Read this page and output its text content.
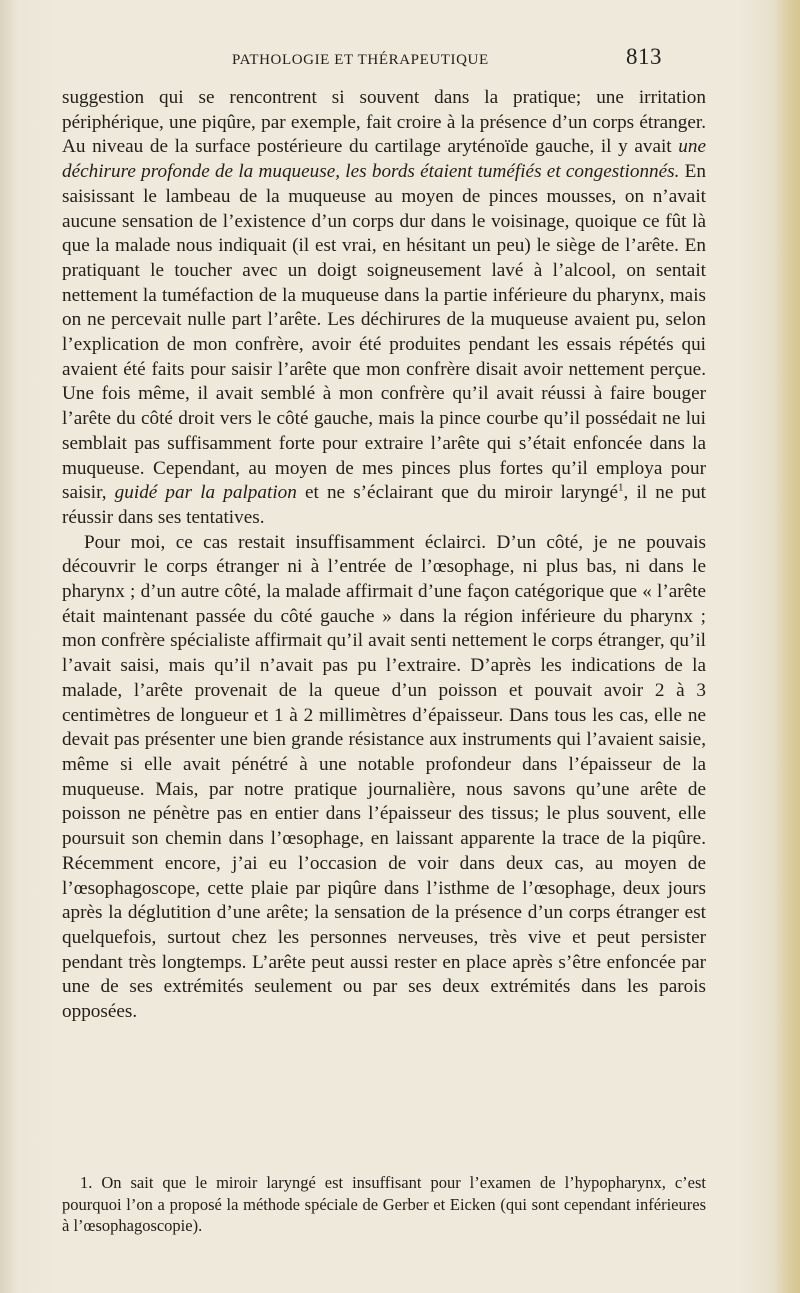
PATHOLOGIE ET THÉRAPEUTIQUE	813

suggestion qui se rencontrent si souvent dans la pratique; une irritation périphérique, une piqûre, par exemple, fait croire à la présence d’un corps étranger. Au niveau de la surface postérieure du cartilage aryténoïde gauche, il y avait une déchirure profonde de la muqueuse, les bords étaient tuméfiés et congestionnés. En saisissant le lambeau de la muqueuse au moyen de pinces mousses, on n’avait aucune sensation de l’existence d’un corps dur dans le voisinage, quoique ce fût là que la malade nous indiquait (il est vrai, en hésitant un peu) le siège de l’arête. En pratiquant le toucher avec un doigt soigneusement lavé à l’alcool, on sentait nettement la tuméfaction de la muqueuse dans la partie inférieure du pharynx, mais on ne percevait nulle part l’arête. Les déchirures de la muqueuse avaient pu, selon l’explication de mon confrère, avoir été produites pendant les essais répétés qui avaient été faits pour saisir l’arête que mon confrère disait avoir nettement perçue. Une fois même, il avait semblé à mon confrère qu’il avait réussi à faire bouger l’arête du côté droit vers le côté gauche, mais la pince courbe qu’il possédait ne lui semblait pas suffisamment forte pour extraire l’arête qui s’était enfoncée dans la muqueuse. Cependant, au moyen de mes pinces plus fortes qu’il employa pour saisir, guidé par la palpation et ne s’éclairant que du miroir laryngé$^1$, il ne put réussir dans ses tentatives.

Pour moi, ce cas restait insuffisamment éclairci. D’un côté, je ne pouvais découvrir le corps étranger ni à l’entrée de l’œsophage, ni plus bas, ni dans le pharynx ; d’un autre côté, la malade affirmait d’une façon catégorique que « l’arête était maintenant passée du côté gauche » dans la région inférieure du pharynx ; mon confrère spécialiste affirmait qu’il avait senti nettement le corps étranger, qu’il l’avait saisi, mais qu’il n’avait pas pu l’extraire. D’après les indications de la malade, l’arête provenait de la queue d’un poisson et pouvait avoir 2 à 3 centimètres de longueur et 1 à 2 millimètres d’épaisseur. Dans tous les cas, elle ne devait pas présenter une bien grande résistance aux instruments qui l’avaient saisie, même si elle avait pénétré à une notable profondeur dans l’épaisseur de la muqueuse. Mais, par notre pratique journalière, nous savons qu’une arête de poisson ne pénètre pas en entier dans l’épaisseur des tissus; le plus souvent, elle poursuit son chemin dans l’œsophage, en laissant apparente la trace de la piqûre. Récemment encore, j’ai eu l’occasion de voir dans deux cas, au moyen de l’œsophagoscope, cette plaie par piqûre dans l’isthme de l’œsophage, deux jours après la déglutition d’une arête; la sensation de la présence d’un corps étranger est quelquefois, surtout chez les personnes nerveuses, très vive et peut persister pendant très longtemps. L’arête peut aussi rester en place après s’être enfoncée par une de ses extrémités seulement ou par ses deux extrémités dans les parois opposées.

1. On sait que le miroir laryngé est insuffisant pour l’examen de l’hypopharynx, c’est pourquoi l’on a proposé la méthode spéciale de Gerber et Eicken (qui sont cependant inférieures à l’œsophagoscopie).
